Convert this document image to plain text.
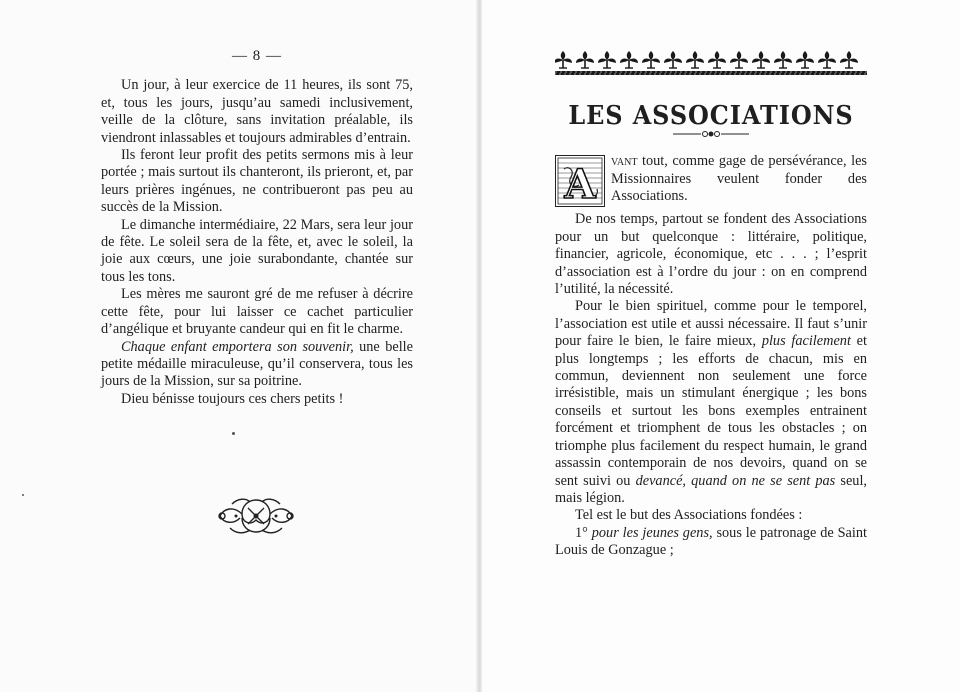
— 8 —

Un jour, à leur exercice de 11 heures, ils sont 75, et, tous les jours, jusqu’au samedi inclusivement, veille de la clôture, sans invitation préalable, ils viendront inlassables et toujours admirables d’entrain.

Ils feront leur profit des petits sermons mis à leur portée ; mais surtout ils chanteront, ils prieront, et, par leurs prières ingénues, ne contribueront pas peu au succès de la Mission.

Le dimanche intermédiaire, 22 Mars, sera leur jour de fête. Le soleil sera de la fête, et, avec le soleil, la joie aux cœurs, une joie surabondante, chantée sur tous les tons.

Les mères me sauront gré de me refuser à décrire cette fête, pour lui laisser ce cachet particulier d’angélique et bruyante candeur qui en fit le charme.

Chaque enfant emportera son souvenir, une belle petite médaille miraculeuse, qu’il conservera, tous les jours de la Mission, sur sa poitrine.

Dieu bénisse toujours ces chers petits !

LES ASSOCIATIONS
A	vant tout, comme gage de persévérance, les Missionnaires veulent fonder des Associations.

De nos temps, partout se fondent des Associations pour un but quelconque : littéraire, politique, financier, agricole, économique, etc . . . ; l’esprit d’association est à l’ordre du jour : on en comprend l’utilité, la nécessité.

Pour le bien spirituel, comme pour le temporel, l’association est utile et aussi nécessaire. Il faut s’unir pour faire le bien, le faire mieux, plus facilement et plus longtemps ; les efforts de chacun, mis en commun, deviennent non seulement une force irrésistible, mais un stimulant énergique ; les bons conseils et surtout les bons exemples entrainent forcément et triomphent de tous les obstacles ; on triomphe plus facilement du respect humain, le grand assassin contemporain de nos devoirs, quand on se sent suivi ou devancé, quand on ne se sent pas seul, mais légion.

Tel est le but des Associations fondées :

1° pour les jeunes gens, sous le patronage de Saint Louis de Gonzague ;
